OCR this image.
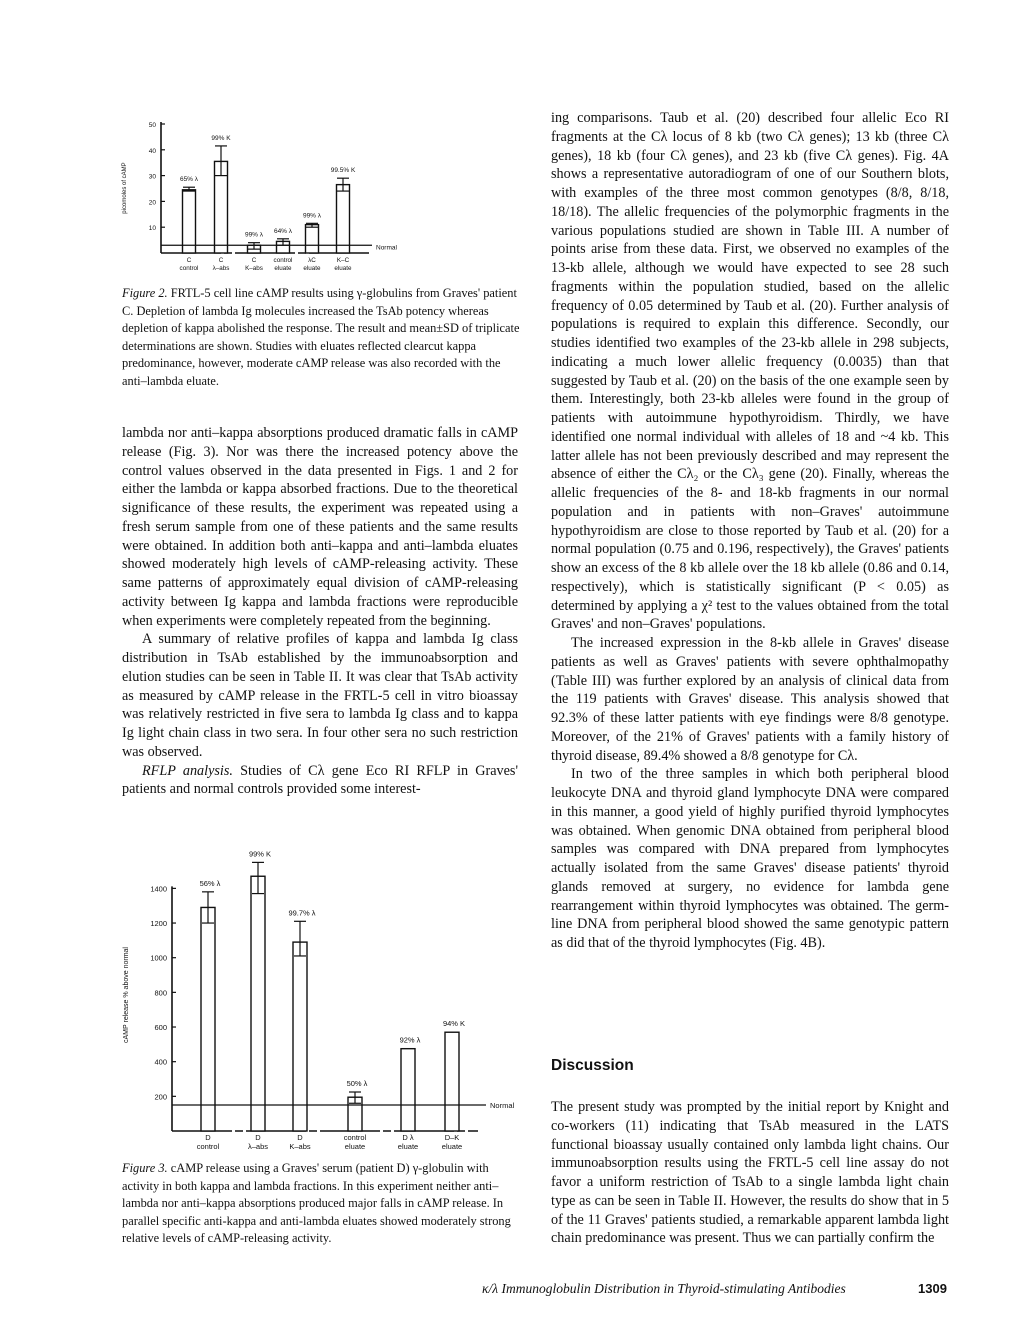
10
20
30
40
50
picomoles of cAMP	65% λ
C
control
99% K
C
λ–abs
99% λ
C
K–abs
64% λ
control
eluate
99% λ
λC
eluate
99.5% K
K–C
eluate
Normal
Figure 2. FRTL-5 cell line cAMP results using γ-globulins from Graves' patient C. Depletion of lambda Ig molecules increased the TsAb potency whereas depletion of kappa abolished the response. The result and mean±SD of triplicate determinations are shown. Studies with eluates reflected clearcut kappa predominance, however, moderate cAMP release was also recorded with the anti–lambda eluate.

lambda nor anti–kappa absorptions produced dramatic falls in cAMP release (Fig. 3). Nor was there the increased potency above the control values observed in the data presented in Figs. 1 and 2 for either the lambda or kappa absorbed fractions. Due to the theoretical significance of these results, the experiment was repeated using a fresh serum sample from one of these patients and the same results were obtained. In addition both anti–kappa and anti–lambda eluates showed moderately high levels of cAMP-releasing activity. These same patterns of approximately equal division of cAMP-releasing activity between Ig kappa and lambda fractions were reproducible when experiments were completely repeated from the beginning.

A summary of relative profiles of kappa and lambda Ig class distribution in TsAb established by the immunoabsorption and elution studies can be seen in Table II. It was clear that TsAb activity as measured by cAMP release in the FRTL-5 cell in vitro bioassay was relatively restricted in five sera to lambda Ig class and to kappa Ig light chain class in two sera. In four other sera no such restriction was observed.

RFLP analysis. Studies of Cλ gene Eco RI RFLP in Graves' patients and normal controls provided some interest-

200
400
600
800
1000
1200
1400
cAMP release % above normal
56% λ
D
control
99% K
D
λ–abs
99.7% λ
D
K–abs
50% λ
control
eluate
92% λ
D λ
eluate
94% K
D–K
eluate
Normal
Figure 3. cAMP release using a Graves' serum (patient D) γ-globulin with activity in both kappa and lambda fractions. In this experiment neither anti–lambda nor anti–kappa absorptions produced major falls in cAMP release. In parallel specific anti-kappa and anti-lambda eluates showed moderately strong relative levels of cAMP-releasing activity.

ing comparisons. Taub et al. (20) described four allelic Eco RI fragments at the Cλ locus of 8 kb (two Cλ genes); 13 kb (three Cλ genes), 18 kb (four Cλ genes), and 23 kb (five Cλ genes). Fig. 4A shows a representative autoradiogram of one of our Southern blots, with examples of the three most common genotypes (8/8, 8/18, 18/18). The allelic frequencies of the polymorphic fragments in the various populations studied are shown in Table III. A number of points arise from these data. First, we observed no examples of the 13-kb allele, although we would have expected to see 28 such fragments within the population studied, based on the allelic frequency of 0.05 determined by Taub et al. (20). Further analysis of populations is required to explain this difference. Secondly, our studies identified two examples of the 23-kb allele in 298 subjects, indicating a much lower allelic frequency (0.0035) than that suggested by Taub et al. (20) on the basis of the one example seen by them. Interestingly, both 23-kb alleles were found in the group of patients with autoimmune hypothyroidism. Thirdly, we have identified one normal individual with alleles of 18 and ~4 kb. This latter allele has not been previously described and may represent the absence of either the Cλ₂ or the Cλ₃ gene (20). Finally, whereas the allelic frequencies of the 8- and 18-kb fragments in our normal population and in patients with non–Graves' autoimmune hypothyroidism are close to those reported by Taub et al. (20) for a normal population (0.75 and 0.196, respectively), the Graves' patients show an excess of the 8 kb allele over the 18 kb allele (0.86 and 0.14, respectively), which is statistically significant (P < 0.05) as determined by applying a χ² test to the values obtained from the total Graves' and non–Graves' populations.

The increased expression in the 8-kb allele in Graves' disease patients as well as Graves' patients with severe ophthalmopathy (Table III) was further explored by an analysis of clinical data from the 119 patients with Graves' disease. This analysis showed that 92.3% of these latter patients with eye findings were 8/8 genotype. Moreover, of the 21% of Graves' patients with a family history of thyroid disease, 89.4% showed a 8/8 genotype for Cλ.

In two of the three samples in which both peripheral blood leukocyte DNA and thyroid gland lymphocyte DNA were compared in this manner, a good yield of highly purified thyroid lymphocytes was obtained. When genomic DNA obtained from peripheral blood samples was compared with DNA prepared from lymphocytes actually isolated from the same Graves' disease patients' thyroid glands removed at surgery, no evidence for lambda gene rearrangement within thyroid lymphocytes was obtained. The germ-line DNA from peripheral blood showed the same genotypic pattern as did that of the thyroid lymphocytes (Fig. 4B).

Discussion

The present study was prompted by the initial report by Knight and co-workers (11) indicating that TsAb measured in the LATS functional bioassay usually contained only lambda light chains. Our immunoabsorption results using the FRTL-5 cell line assay do not favor a uniform restriction of TsAb to a single lambda light chain type as can be seen in Table II. However, the results do show that in 5 of the 11 Graves' patients studied, a remarkable apparent lambda light chain predominance was present. Thus we can partially confirm the

κ/λ Immunoglobulin Distribution in Thyroid-stimulating Antibodies	1309
